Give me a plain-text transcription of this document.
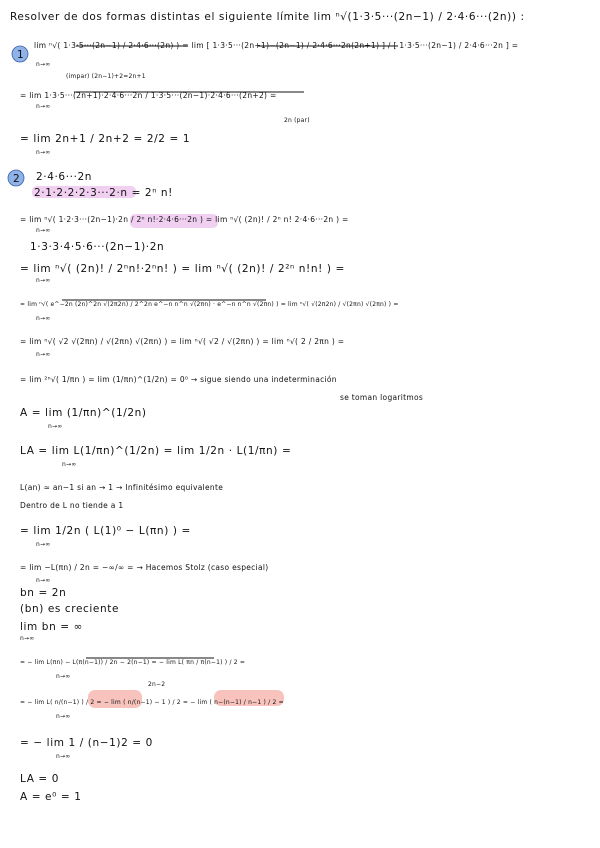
Resolver de dos formas distintas el siguiente límite lim ⁿ√(1·3·5···(2n−1) / 2·4·6···(2n)) :
1
lim ⁿ√( 1·3·5···(2n−1) / 2·4·6···(2n) ) = lim [ 1·3·5···(2n+1)−(2n−1) / 2·4·6···2n(2n+1) ] / [ 1·3·5···(2n−1) / 2·4·6···2n ] =
n→∞
(impar) (2n−1)+2=2n+1
= lim 1·3·5···(2n+1)·2·4·6···2n / 1·3·5···(2n−1)·2·4·6···(2n+2) =
n→∞
2n (par)
= lim 2n+1 / 2n+2 = 2/2 = 1
n→∞
2 2·4·6···2n
2·1·2·2·2·3···2·n = 2ⁿ n!
= lim ⁿ√( 1·2·3···(2n−1)·2n / 2ⁿ n!·2·4·6···2n ) = lim ⁿ√( (2n)! / 2ⁿ n! 2·4·6···2n ) =
n→∞
1·3·3·4·5·6···(2n−1)·2n
= lim ⁿ√( (2n)! / 2ⁿn!·2ⁿn! ) = lim ⁿ√( (2n)! / 2²ⁿ n!n! ) =
n→∞
= lim ⁿ√( e^−2n (2n)^2n √(2π2n) / 2^2n e^−n n^n √(2πn) · e^−n n^n √(2πn) ) = lim ⁿ√( √(2π2n) / √(2πn) √(2πn) ) =
n→∞
= lim ⁿ√( √2 √(2πn) / √(2πn) √(2πn) ) = lim ⁿ√( √2 / √(2πn) ) = lim ⁿ√( 2 / 2πn ) =
n→∞
= lim ²ⁿ√( 1/πn ) = lim (1/πn)^(1/2n) = 0⁰ → sigue siendo una indeterminación
se toman logaritmos
A = lim (1/πn)^(1/2n)
n→∞
LA = lim L(1/πn)^(1/2n) = lim 1/2n · L(1/πn) =
n→∞
L(an) ≃ an−1 si an → 1 → Infinitésimo equivalente
Dentro de L no tiende a 1
= lim 1/2n ( L(1)⁰ − L(πn) ) =
n→∞
= lim −L(πn) / 2n = −∞/∞ = → Hacemos Stolz (caso especial)
n→∞
bn = 2n
(bn) es creciente
lim bn = ∞
n→∞
= − lim L(πn) − L(π(n−1)) / 2n − 2(n−1) = − lim L( πn / π(n−1) ) / 2 =
n→∞
2n−2
= − lim L( n/(n−1) ) / 2 = − lim ( n/(n−1) − 1 ) / 2 = − lim ( n−(n−1) / n−1 ) / 2 =
n→∞
= − lim 1 / (n−1)2 = 0
n→∞
LA = 0
A = e⁰ = 1
